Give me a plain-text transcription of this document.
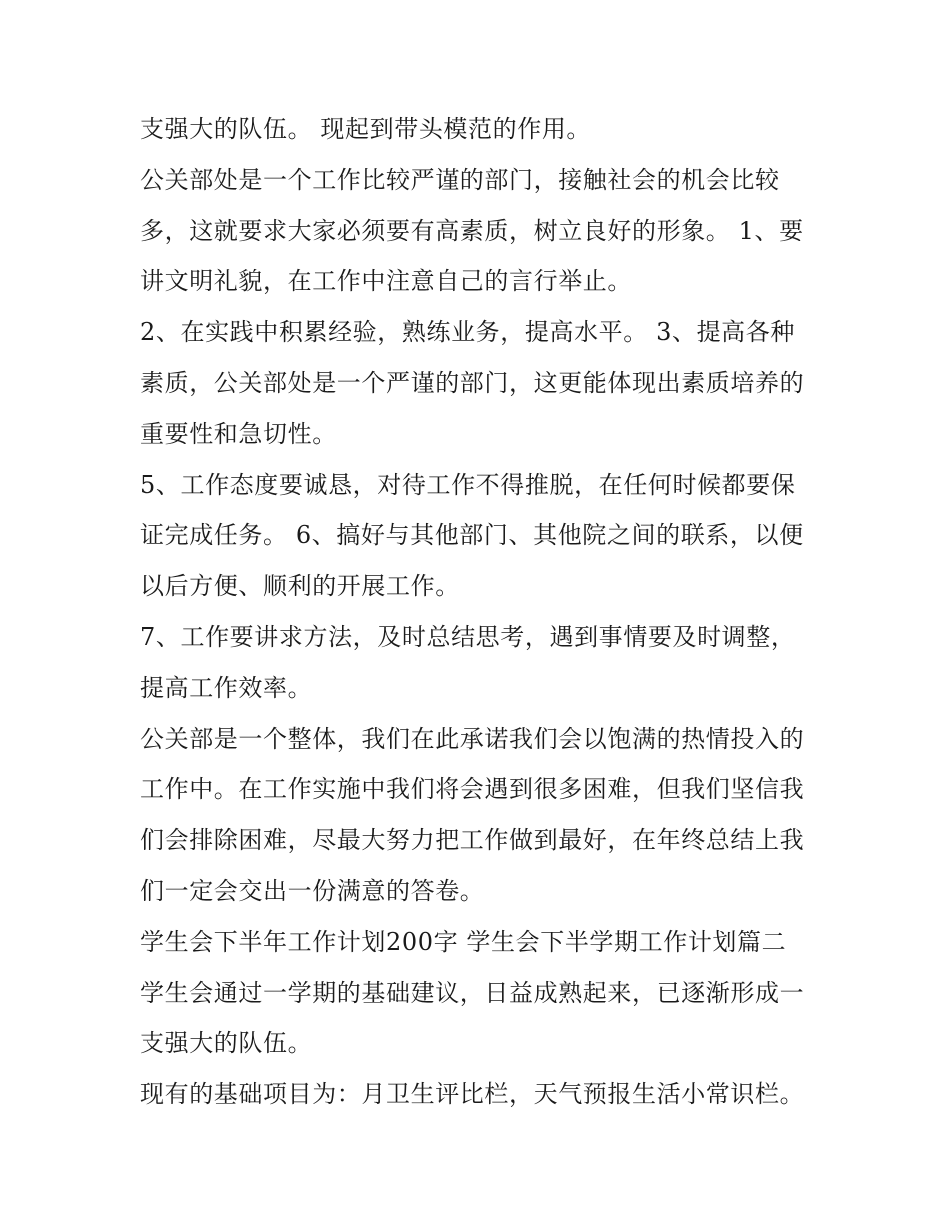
支强大的队伍。 现起到带头模范的作用。
公关部处是一个工作比较严谨的部门，接触社会的机会比较
多，这就要求大家必须要有高素质，树立良好的形象。 1、要
讲文明礼貌，在工作中注意自己的言行举止。
2、在实践中积累经验，熟练业务，提高水平。 3、提高各种
素质，公关部处是一个严谨的部门，这更能体现出素质培养的
重要性和急切性。
5、工作态度要诚恳，对待工作不得推脱，在任何时候都要保
证完成任务。 6、搞好与其他部门、其他院之间的联系，以便
以后方便、顺利的开展工作。
7、工作要讲求方法，及时总结思考，遇到事情要及时调整，
提高工作效率。
公关部是一个整体，我们在此承诺我们会以饱满的热情投入的
工作中。在工作实施中我们将会遇到很多困难，但我们坚信我
们会排除困难，尽最大努力把工作做到最好，在年终总结上我
们一定会交出一份满意的答卷。
学生会下半年工作计划200字 学生会下半学期工作计划篇二
学生会通过一学期的基础建议，日益成熟起来，已逐渐形成一
支强大的队伍。
现有的基础项目为：月卫生评比栏，天气预报生活小常识栏。
